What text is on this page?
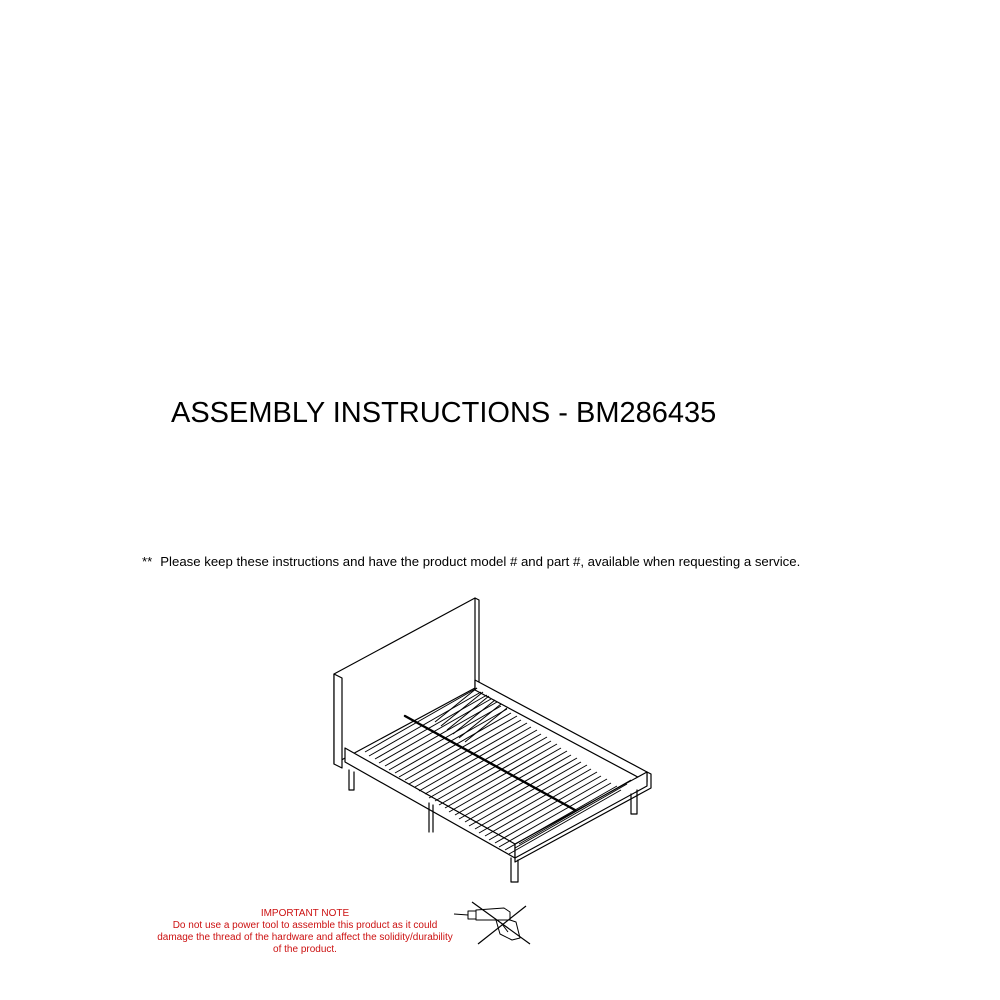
ASSEMBLY INSTRUCTIONS - BM286435
** Please keep these instructions and have the product model # and part #, available when requesting a service.
IMPORTANT NOTE
Do not use a power tool to assemble this product as it could
damage the thread of the hardware and affect the solidity/durability
of the product.
